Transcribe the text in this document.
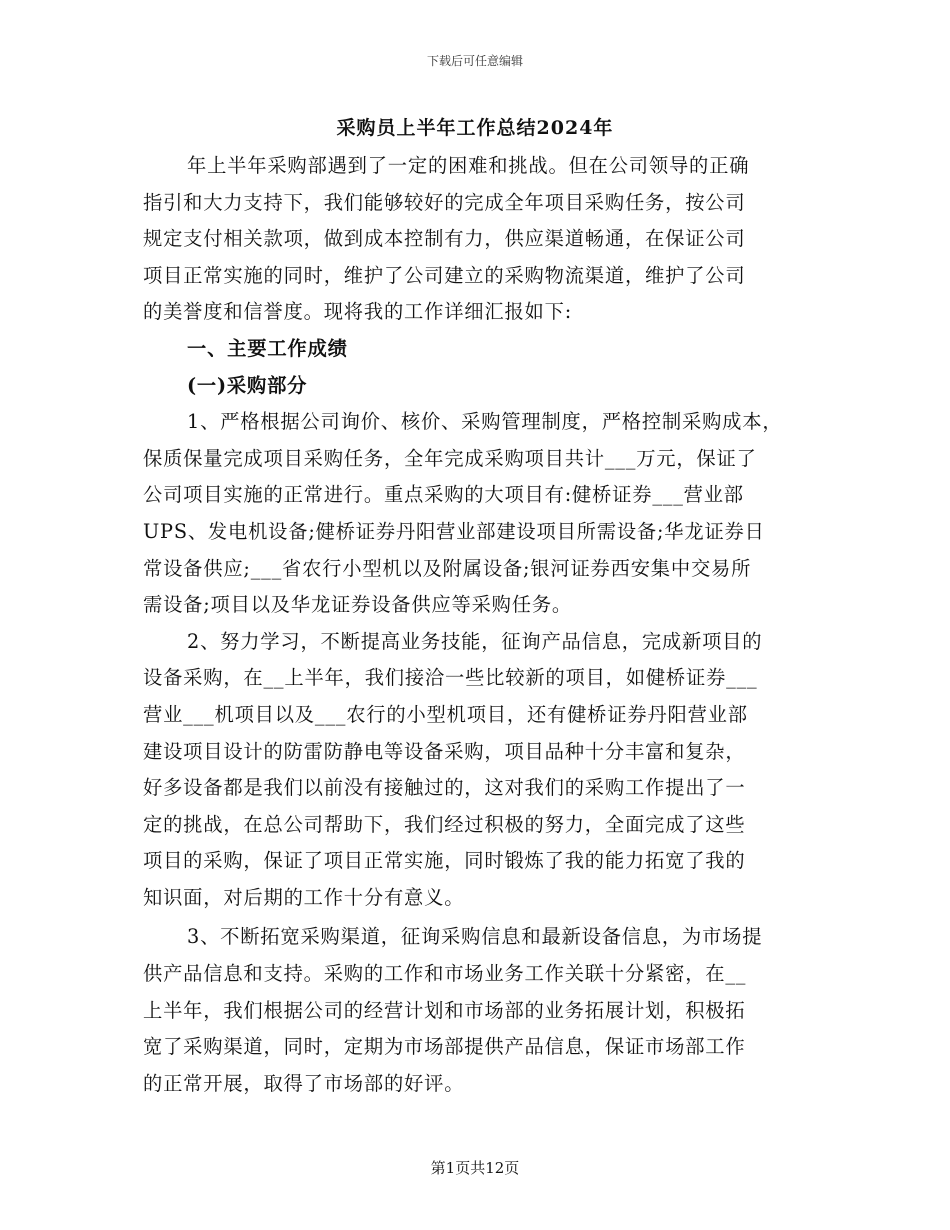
下载后可任意编辑
采购员上半年工作总结2024年
年上半年采购部遇到了一定的困难和挑战。但在公司领导的正确
指引和大力支持下，我们能够较好的完成全年项目采购任务，按公司
规定支付相关款项，做到成本控制有力，供应渠道畅通，在保证公司
项目正常实施的同时，维护了公司建立的采购物流渠道，维护了公司
的美誉度和信誉度。现将我的工作详细汇报如下:
一、主要工作成绩
(一)采购部分
1、严格根据公司询价、核价、采购管理制度，严格控制采购成本，
保质保量完成项目采购任务，全年完成采购项目共计___万元，保证了
公司项目实施的正常进行。重点采购的大项目有:健桥证券___营业部
UPS、发电机设备;健桥证券丹阳营业部建设项目所需设备;华龙证券日
常设备供应;___省农行小型机以及附属设备;银河证券西安集中交易所
需设备;项目以及华龙证券设备供应等采购任务。
2、努力学习，不断提高业务技能，征询产品信息，完成新项目的
设备采购，在__上半年，我们接洽一些比较新的项目，如健桥证券___
营业___机项目以及___农行的小型机项目，还有健桥证券丹阳营业部
建设项目设计的防雷防静电等设备采购，项目品种十分丰富和复杂，
好多设备都是我们以前没有接触过的，这对我们的采购工作提出了一
定的挑战，在总公司帮助下，我们经过积极的努力，全面完成了这些
项目的采购，保证了项目正常实施，同时锻炼了我的能力拓宽了我的
知识面，对后期的工作十分有意义。
3、不断拓宽采购渠道，征询采购信息和最新设备信息，为市场提
供产品信息和支持。采购的工作和市场业务工作关联十分紧密，在__
上半年，我们根据公司的经营计划和市场部的业务拓展计划，积极拓
宽了采购渠道，同时，定期为市场部提供产品信息，保证市场部工作
的正常开展，取得了市场部的好评。
第1页共12页
